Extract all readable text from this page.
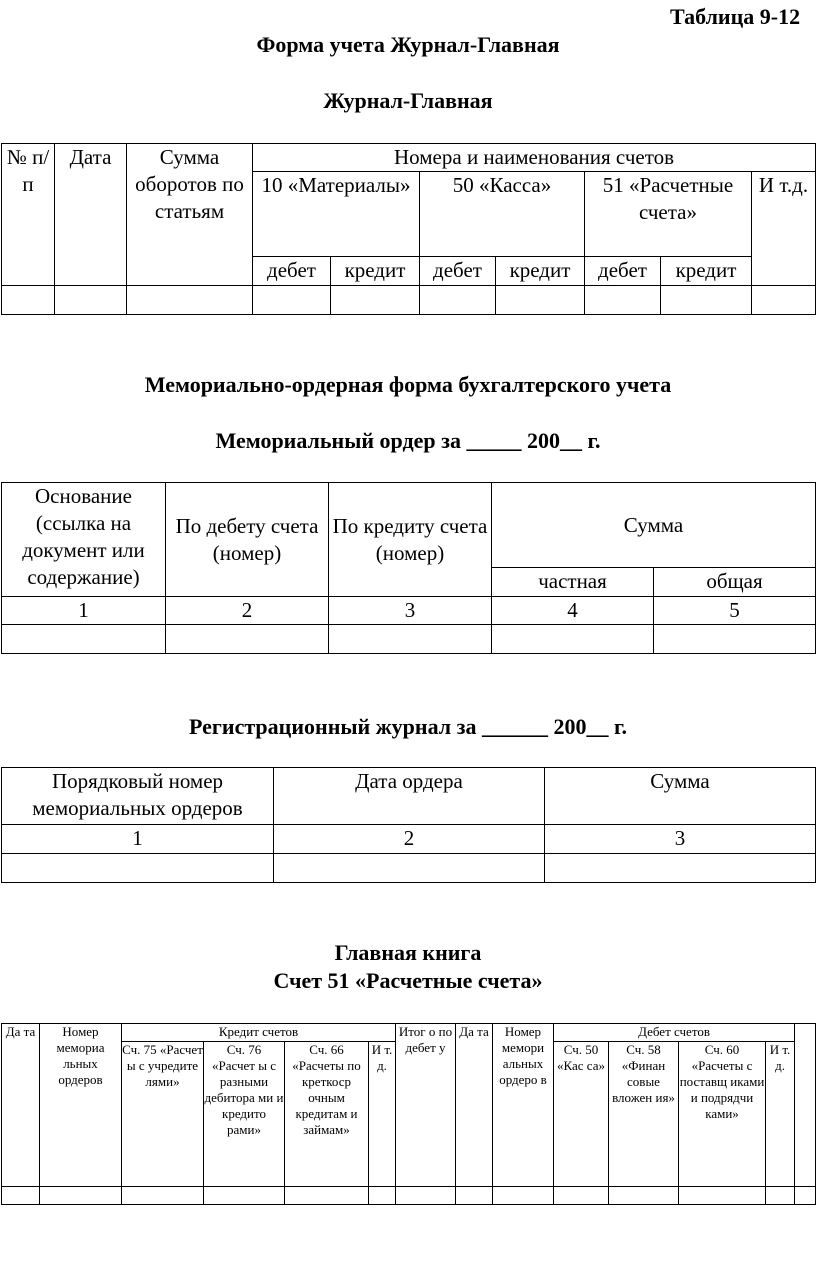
Таблица 9-12
Форма учета Журнал-Главная
Журнал-Главная
№ п/п	Дата	Сумма оборотов по статьям	Номера и наименования счетов						
			10 «Материалы»		50 «Касса»		51 «Расчетные счета»		И т.д.
			дебет	кредит	дебет	кредит	дебет	кредит	

Мемориально-ордерная форма бухгалтерского учета
Мемориальный ордер за _____ 200__ г.
Основание (ссылка на документ или содержание)	По дебету счета (номер)	По кредиту счета (номер)	Сумма	
			частная	общая
1	2	3	4	5

Регистрационный журнал за ______ 200__ г.
Порядковый номер мемориальных ордеров	Дата ордера	Сумма
1	2	3

Главная книга
Счет 51 «Расчетные счета»
Да та	Номер мемориа льных ордеров	Кредит счетов				Итог о по дебет у	Да та	Номер мемори альных ордеро в	Дебет счетов				
		Сч. 75 «Расчет ы с учредите лями»	Сч. 76 «Расчет ы с разными дебитора ми и кредито рами»	Сч. 66 «Расчеты по креткоср очным кредитам и займам»	И т. д.				Сч. 50 «Кас са»	Сч. 58 «Финан совые вложен ия»	Сч. 60 «Расчеты с поставщ иками и подрядчи ками»	И т. д.	
